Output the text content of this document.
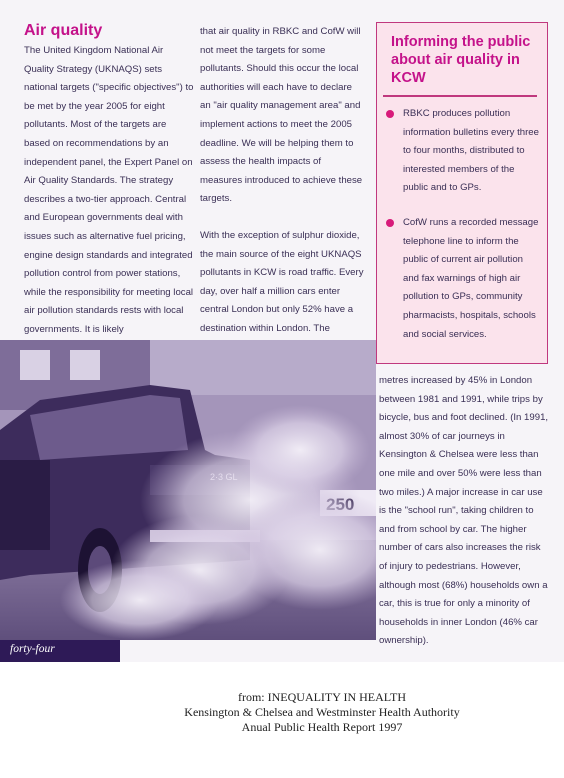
Air quality

The United Kingdom National Air Quality Strategy (UKNAQS) sets national targets ("specific objectives") to be met by the year 2005 for eight pollutants. Most of the targets are based on recommendations by an independent panel, the Expert Panel on Air Quality Standards. The strategy describes a two-tier approach. Central and European governments deal with issues such as alternative fuel pricing, engine design standards and integrated pollution control from power stations, while the responsibility for meeting local air pollution standards rests with local governments. It is likely

that air quality in RBKC and CofW will not meet the targets for some pollutants. Should this occur the local authorities will each have to declare an "air quality management area" and implement actions to meet the 2005 deadline. We will be helping them to assess the health impacts of measures introduced to achieve these targets.

With the exception of sulphur dioxide, the main source of the eight UKNAQS pollutants in KCW is road traffic. Every day, over half a million cars enter central London but only 52% have a destination within London. The

Informing the public about air quality in KCW
RBKC produces pollution information bulletins every three to four months, distributed to interested members of the public and to GPs.
CofW runs a recorded message telephone line to inform the public of current air pollution and fax warnings of high air pollution to GPs, community pharmacists, hospitals, schools and social services.

metres increased by 45% in London between 1981 and 1991, while trips by bicycle, bus and foot declined. (In 1991, almost 30% of car journeys in Kensington & Chelsea were less than one mile and over 50% were less than two miles.) A major increase in car use is the "school run", taking children to and from school by car. The higher number of cars also increases the risk of injury to pedestrians. However, although most (68%) households own a car, this is true for only a minority of households in inner London (46% car ownership).

forty-four
from: INEQUALITY IN HEALTH
Kensington & Chelsea and Westminster Health Authority
Anual Public Health Report 1997
